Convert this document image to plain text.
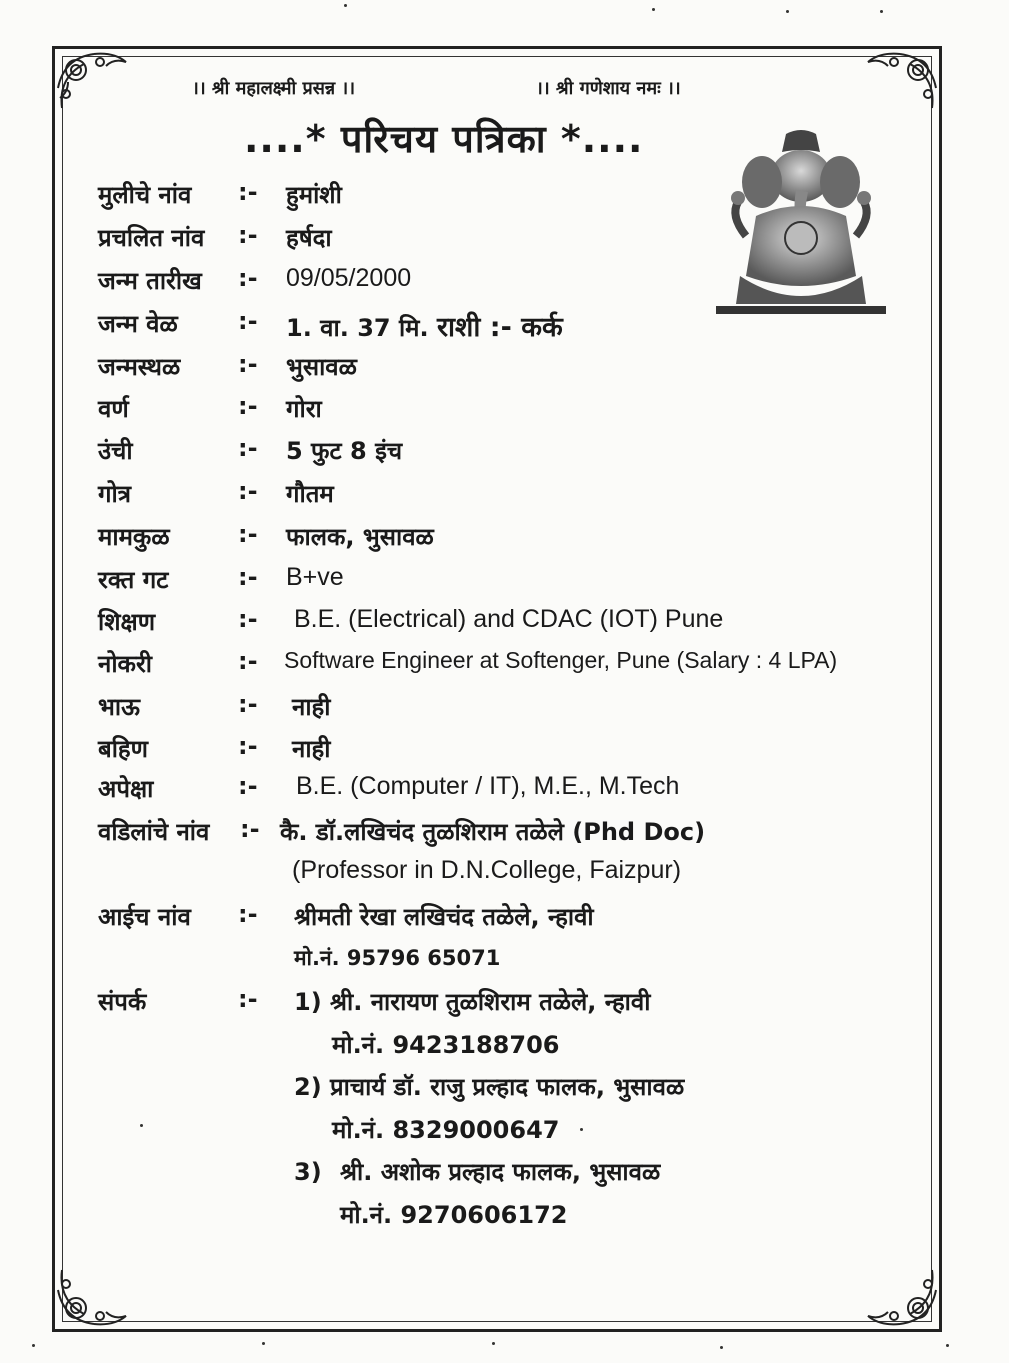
।। श्री महालक्ष्मी प्रसन्न ।।	।। श्री गणेशाय नमः ।।
....* परिचय पत्रिका *....
मुलीचे नांव :- हुमांशी
प्रचलित नांव :- हर्षदा
जन्म तारीख :- 09/05/2000
जन्म वेळ	:- 1. वा. 37 मि. राशी :- कर्क
जन्मस्थळ :- भुसावळ
वर्ण	:- गोरा
उंची	:- 5 फुट 8 इंच
गोत्र	:- गौतम
मामकुळ	:- फालक, भुसावळ
रक्त गट	:- B+ve
शिक्षण	:- B.E. (Electrical) and CDAC (IOT) Pune
नोकरी	:- Software Engineer at Softenger, Pune (Salary : 4 LPA)
भाऊ	:- नाही
बहिण	:- नाही
अपेक्षा	:- B.E. (Computer / IT), M.E., M.Tech
वडिलांचे नांव :- कै. डॉ.लखिचंद तुळशिराम तळेले (Phd Doc)
(Professor in D.N.College, Faizpur)
आईच नांव :- श्रीमती रेखा लखिचंद तळेले, न्हावी
मो.नं. 95796 65071
संपर्क	:- 1) श्री. नारायण तुळशिराम तळेले, न्हावी
मो.नं. 9423188706
2) प्राचार्य डॉ. राजु प्रल्हाद फालक, भुसावळ
मो.नं. 8329000647
3) श्री. अशोक प्रल्हाद फालक, भुसावळ
मो.नं. 9270606172
